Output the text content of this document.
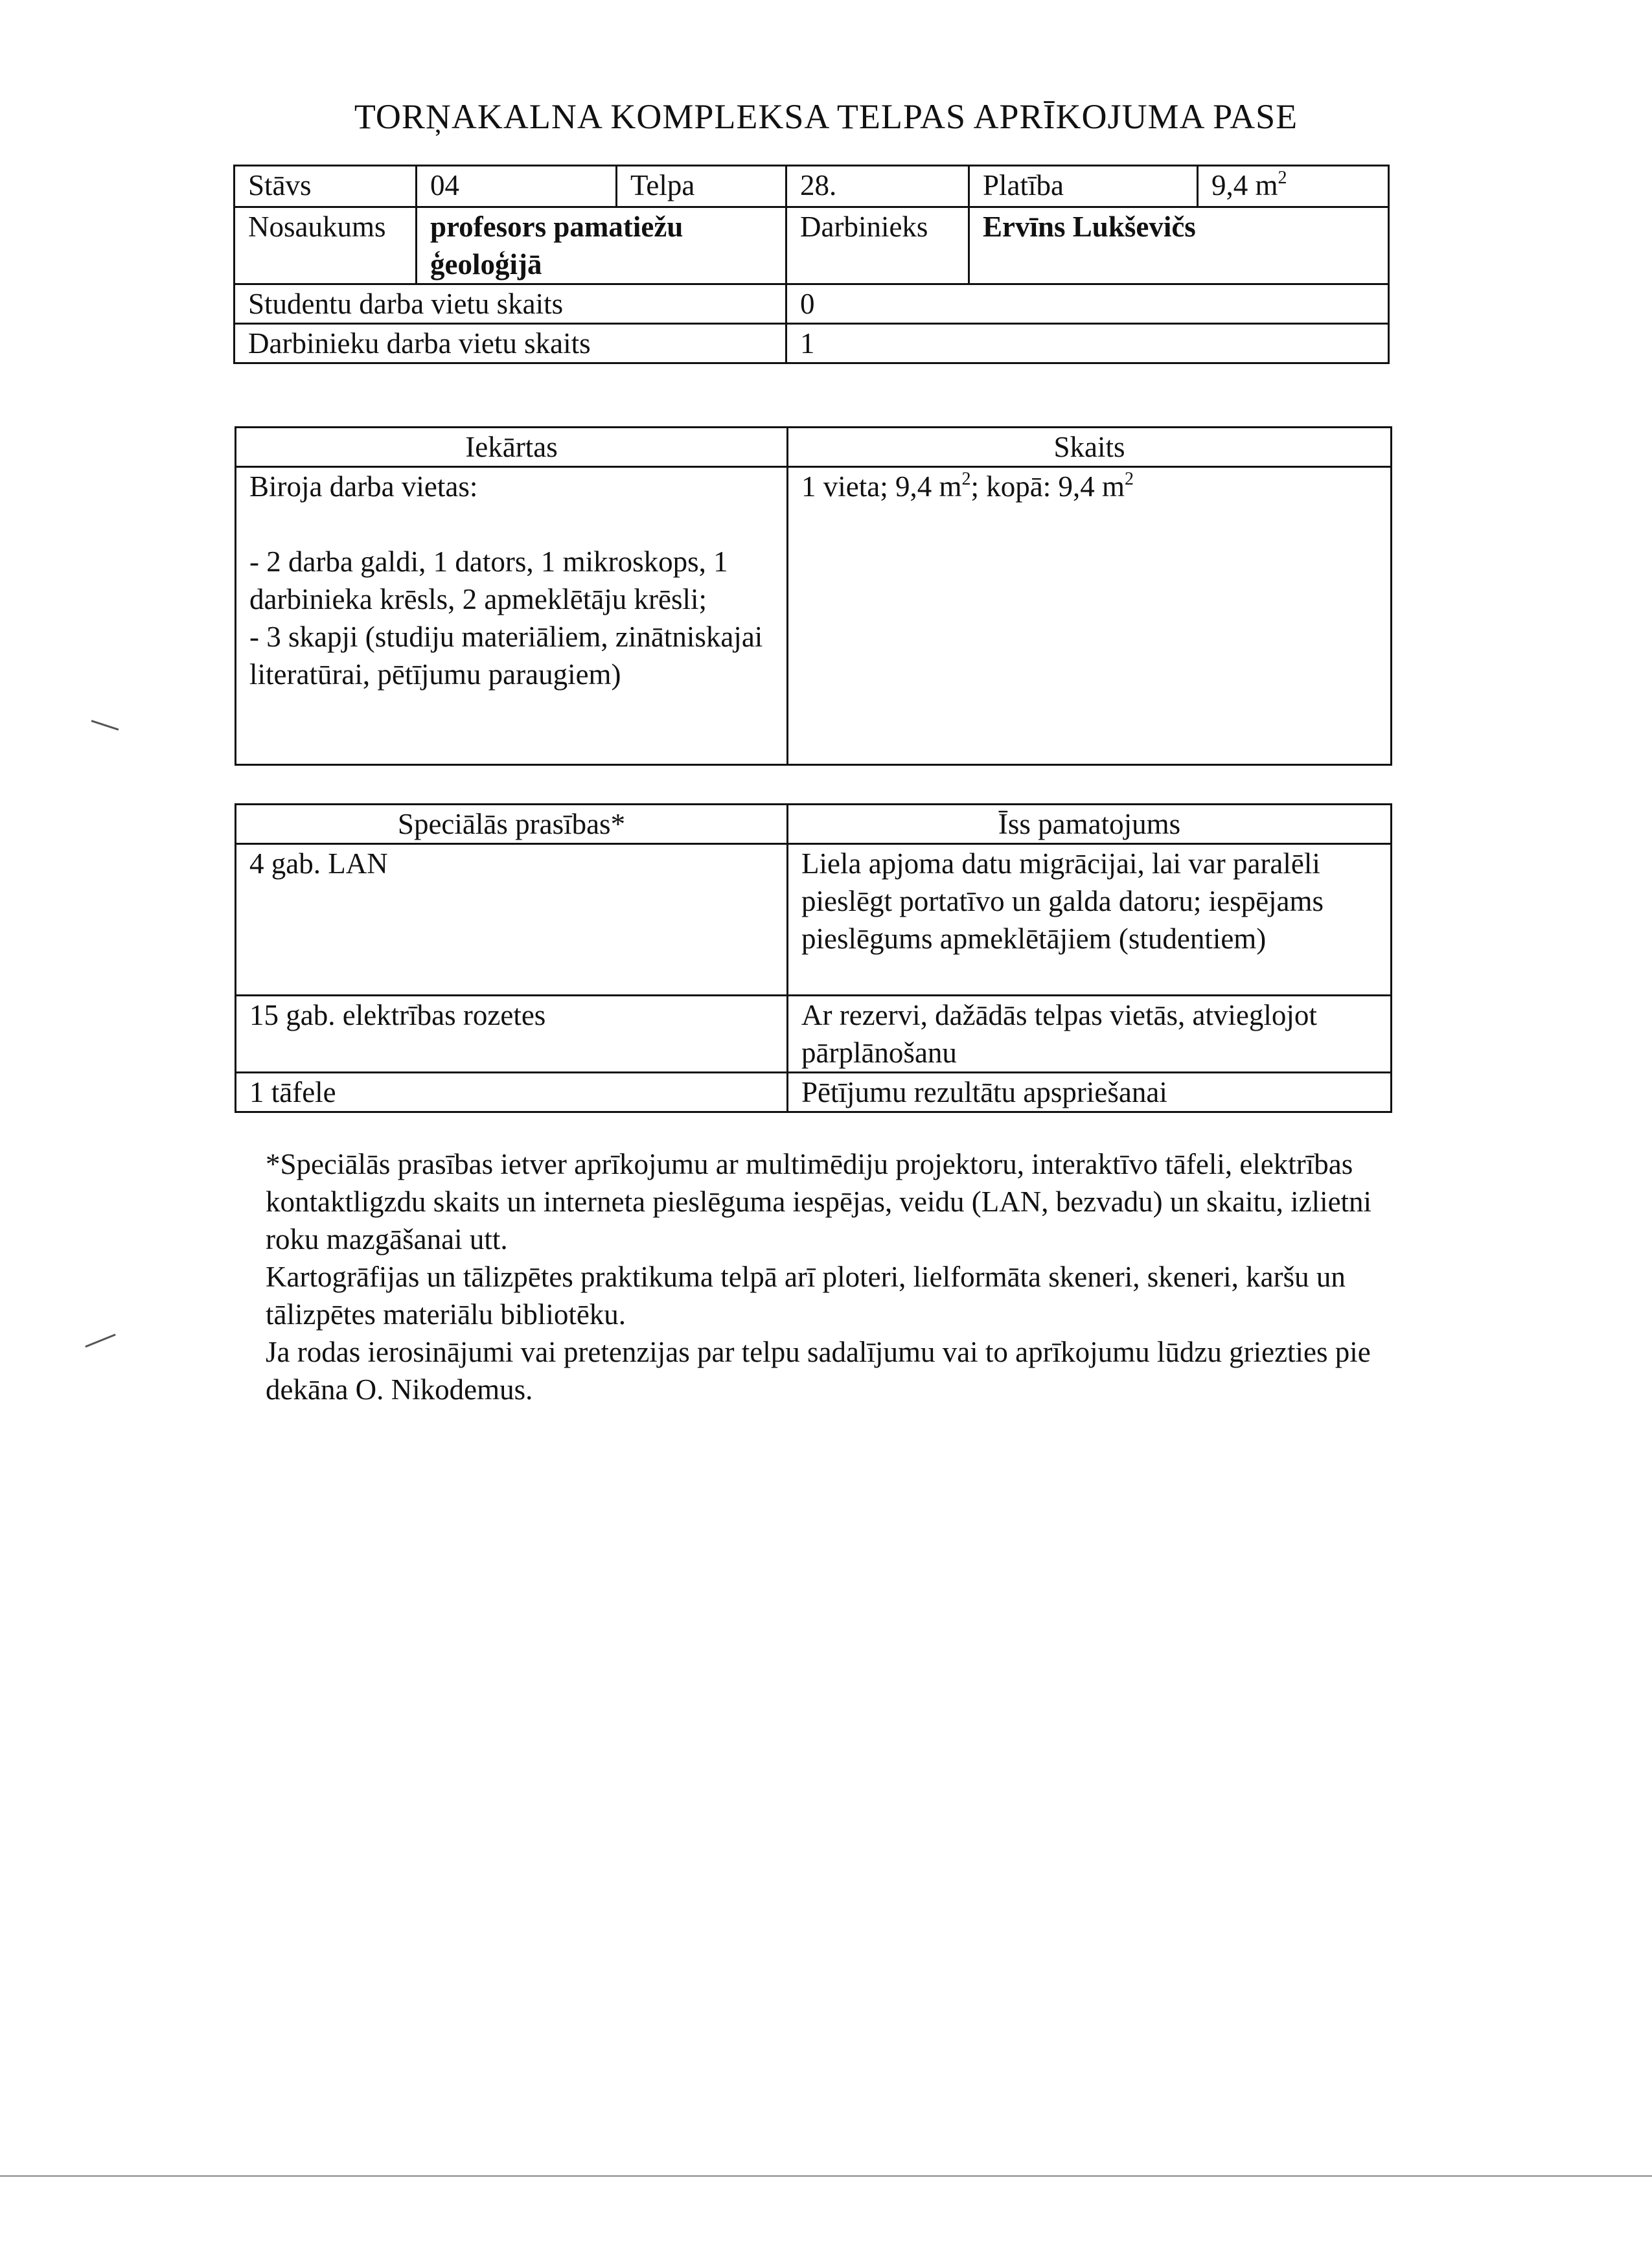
TORŅAKALNA KOMPLEKSA TELPAS APRĪKOJUMA PASE
Stāvs	04	Telpa	28.	Platība	9,4 $m^2$
Nosaukums	profesors pamatiežu ģeoloģijā		Darbinieks	Ervīns Lukševičs	
Studentu darba vietu skaits			0		
Darbinieku darba vietu skaits			1		
Iekārtas	Skaits

Biroja darba vietas:
- 2 darba galdi, 1 dators, 1 mikroskops, 1 darbinieka krēsls, 2 apmeklētāju krēsli;
- 3 skapji (studiju materiāliem, zinātniskajai literatūrai, pētījumu paraugiem)	1 vieta; 9,4 $m^2$; kopā: 9,4 $m^2$
Speciālās prasības*	Īss pamatojums
4 gab. LAN	Liela apjoma datu migrācijai, lai var paralēli pieslēgt portatīvo un galda datoru; iespējams pieslēgums apmeklētājiem (studentiem)
15 gab. elektrības rozetes	Ar rezervi, dažādās telpas vietās, atvieglojot pārplānošanu
1 tāfele	Pētījumu rezultātu apspriešanai

*Speciālās prasības ietver aprīkojumu ar multimēdiju projektoru, interaktīvo tāfeli, elektrības kontaktligzdu skaits un interneta pieslēguma iespējas, veidu (LAN, bezvadu) un skaitu, izlietni roku mazgāšanai utt.

Kartogrāfijas un tālizpētes praktikuma telpā arī ploteri, lielformāta skeneri, skeneri, karšu un tālizpētes materiālu bibliotēku.

Ja rodas ierosinājumi vai pretenzijas par telpu sadalījumu vai to aprīkojumu lūdzu griezties pie dekāna O. Nikodemus.
